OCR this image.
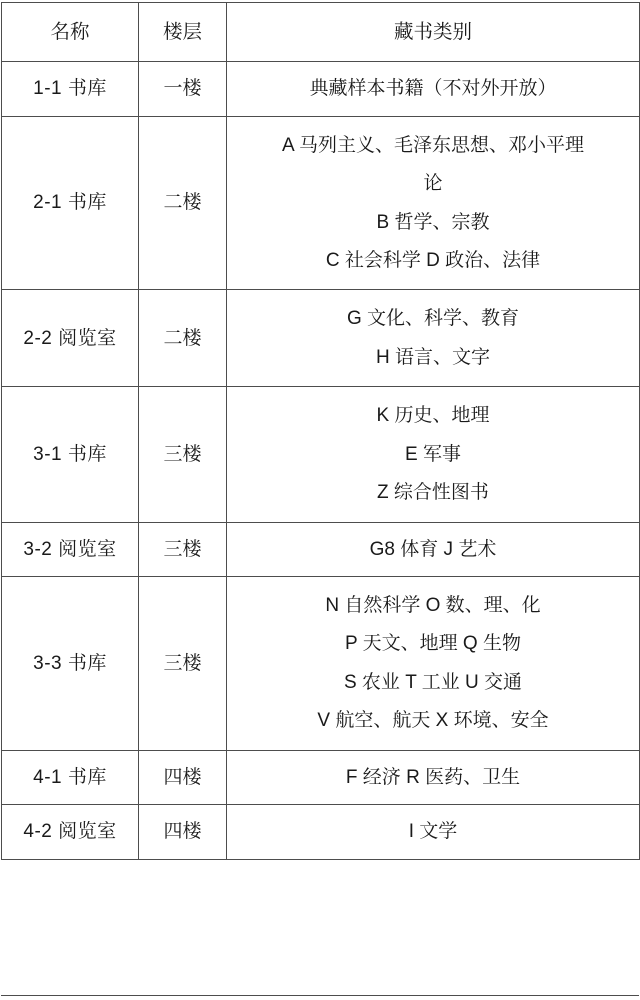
名称	楼层	藏书类别
1-1 书库	一楼	典藏样本书籍（不对外开放）

2-1 书库	二楼	A 马列主义、毛泽东思想、邓小平理
论
B 哲学、宗教
C 社会科学 D 政治、法律

2-2 阅览室	二楼	G 文化、科学、教育
H 语言、文字

3-1 书库	三楼	K 历史、地理
E 军事
Z 综合性图书

3-2 阅览室	三楼	G8 体育 J 艺术

3-3 书库	三楼	N 自然科学 O 数、理、化
P 天文、地理 Q 生物
S 农业 T 工业 U 交通
V 航空、航天 X 环境、安全

4-1 书库	四楼	F 经济 R 医药、卫生

4-2 阅览室	四楼	I 文学
